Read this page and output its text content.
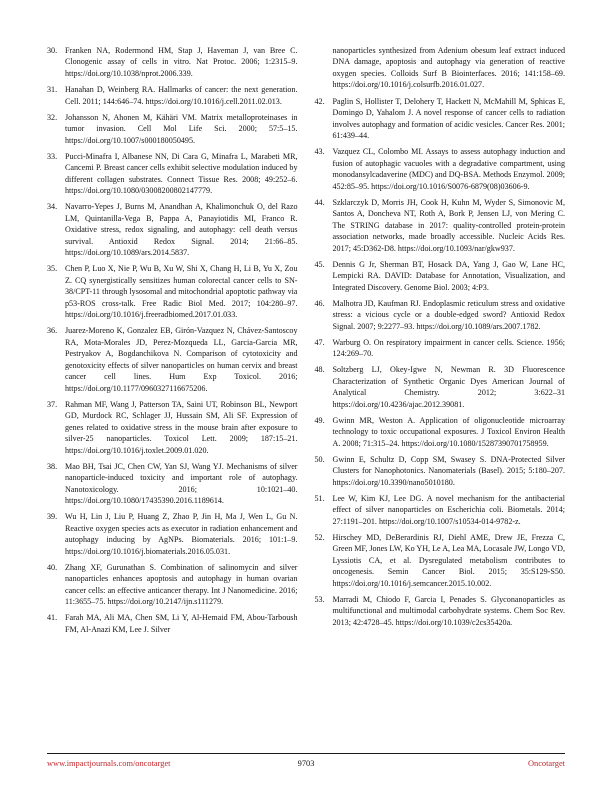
30. Franken NA, Rodermond HM, Stap J, Haveman J, van Bree C. Clonogenic assay of cells in vitro. Nat Protoc. 2006; 1:2315–9. https://doi.org/10.1038/nprot.2006.339.
31. Hanahan D, Weinberg RA. Hallmarks of cancer: the next generation. Cell. 2011; 144:646–74. https://doi.org/10.1016/j.cell.2011.02.013.
32. Johansson N, Ahonen M, Kähäri VM. Matrix metalloproteinases in tumor invasion. Cell Mol Life Sci. 2000; 57:5–15. https://doi.org/10.1007/s000180050495.
33. Pucci-Minafra I, Albanese NN, Di Cara G, Minafra L, Marabeti MR, Cancemi P. Breast cancer cells exhibit selective modulation induced by different collagen substrates. Connect Tissue Res. 2008; 49:252–6. https://doi.org/10.1080/03008200802147779.
34. Navarro-Yepes J, Burns M, Anandhan A, Khalimonchuk O, del Razo LM, Quintanilla-Vega B, Pappa A, Panayiotidis MI, Franco R. Oxidative stress, redox signaling, and autophagy: cell death versus survival. Antioxid Redox Signal. 2014; 21:66–85. https://doi.org/10.1089/ars.2014.5837.
35. Chen P, Luo X, Nie P, Wu B, Xu W, Shi X, Chang H, Li B, Yu X, Zou Z. CQ synergistically sensitizes human colorectal cancer cells to SN-38/CPT-11 through lysosomal and mitochondrial apoptotic pathway via p53-ROS cross-talk. Free Radic Biol Med. 2017; 104:280–97. https://doi.org/10.1016/j.freeradbiomed.2017.01.033.
36. Juarez-Moreno K, Gonzalez EB, Girón-Vazquez N, Chávez-Santoscoy RA, Mota-Morales JD, Perez-Mozqueda LL, Garcia-Garcia MR, Pestryakov A, Bogdanchikova N. Comparison of cytotoxicity and genotoxicity effects of silver nanoparticles on human cervix and breast cancer cell lines. Hum Exp Toxicol. 2016; https://doi.org/10.1177/0960327116675206.
37. Rahman MF, Wang J, Patterson TA, Saini UT, Robinson BL, Newport GD, Murdock RC, Schlager JJ, Hussain SM, Ali SF. Expression of genes related to oxidative stress in the mouse brain after exposure to silver-25 nanoparticles. Toxicol Lett. 2009; 187:15–21. https://doi.org/10.1016/j.toxlet.2009.01.020.
38. Mao BH, Tsai JC, Chen CW, Yan SJ, Wang YJ. Mechanisms of silver nanoparticle-induced toxicity and important role of autophagy. Nanotoxicology. 2016; 10:1021–40. https://doi.org/10.1080/17435390.2016.1189614.
39. Wu H, Lin J, Liu P, Huang Z, Zhao P, Jin H, Ma J, Wen L, Gu N. Reactive oxygen species acts as executor in radiation enhancement and autophagy inducing by AgNPs. Biomaterials. 2016; 101:1–9. https://doi.org/10.1016/j.biomaterials.2016.05.031.
40. Zhang XF, Gurunathan S. Combination of salinomycin and silver nanoparticles enhances apoptosis and autophagy in human ovarian cancer cells: an effective anticancer therapy. Int J Nanomedicine. 2016; 11:3655–75. https://doi.org/10.2147/ijn.s111279.
41. Farah MA, Ali MA, Chen SM, Li Y, Al-Hemaid FM, Abou-Tarboush FM, Al-Anazi KM, Lee J. Silver
nanoparticles synthesized from Adenium obesum leaf extract induced DNA damage, apoptosis and autophagy via generation of reactive oxygen species. Colloids Surf B Biointerfaces. 2016; 141:158–69. https://doi.org/10.1016/j.colsurfb.2016.01.027.
42. Paglin S, Hollister T, Delohery T, Hackett N, McMahill M, Sphicas E, Domingo D, Yahalom J. A novel response of cancer cells to radiation involves autophagy and formation of acidic vesicles. Cancer Res. 2001; 61:439–44.
43. Vazquez CL, Colombo MI. Assays to assess autophagy induction and fusion of autophagic vacuoles with a degradative compartment, using monodansylcadaverine (MDC) and DQ-BSA. Methods Enzymol. 2009; 452:85–95. https://doi.org/10.1016/S0076-6879(08)03606-9.
44. Szklarczyk D, Morris JH, Cook H, Kuhn M, Wyder S, Simonovic M, Santos A, Doncheva NT, Roth A, Bork P, Jensen LJ, von Mering C. The STRING database in 2017: quality-controlled protein-protein association networks, made broadly accessible. Nucleic Acids Res. 2017; 45:D362-D8. https://doi.org/10.1093/nar/gkw937.
45. Dennis G Jr, Sherman BT, Hosack DA, Yang J, Gao W, Lane HC, Lempicki RA. DAVID: Database for Annotation, Visualization, and Integrated Discovery. Genome Biol. 2003; 4:P3.
46. Malhotra JD, Kaufman RJ. Endoplasmic reticulum stress and oxidative stress: a vicious cycle or a double-edged sword? Antioxid Redox Signal. 2007; 9:2277–93. https://doi.org/10.1089/ars.2007.1782.
47. Warburg O. On respiratory impairment in cancer cells. Science. 1956; 124:269–70.
48. Soltzberg LJ, Okey-Igwe N, Newman R. 3D Fluorescence Characterization of Synthetic Organic Dyes American Journal of Analytical Chemistry. 2012; 3:622–31 https://doi.org/10.4236/ajac.2012.39081.
49. Gwinn MR, Weston A. Application of oligonucleotide microarray technology to toxic occupational exposures. J Toxicol Environ Health A. 2008; 71:315–24. https://doi.org/10.1080/15287390701758959.
50. Gwinn E, Schultz D, Copp SM, Swasey S. DNA-Protected Silver Clusters for Nanophotonics. Nanomaterials (Basel). 2015; 5:180–207. https://doi.org/10.3390/nano5010180.
51. Lee W, Kim KJ, Lee DG. A novel mechanism for the antibacterial effect of silver nanoparticles on Escherichia coli. Biometals. 2014; 27:1191–201. https://doi.org/10.1007/s10534-014-9782-z.
52. Hirschey MD, DeBerardinis RJ, Diehl AME, Drew JE, Frezza C, Green MF, Jones LW, Ko YH, Le A, Lea MA, Locasale JW, Longo VD, Lyssiotis CA, et al. Dysregulated metabolism contributes to oncogenesis. Semin Cancer Biol. 2015; 35:S129-S50. https://doi.org/10.1016/j.semcancer.2015.10.002.
53. Marradi M, Chiodo F, Garcia I, Penades S. Glyconanoparticles as multifunctional and multimodal carbohydrate systems. Chem Soc Rev. 2013; 42:4728–45. https://doi.org/10.1039/c2cs35420a.
www.impactjournals.com/oncotarget	9703	Oncotarget
